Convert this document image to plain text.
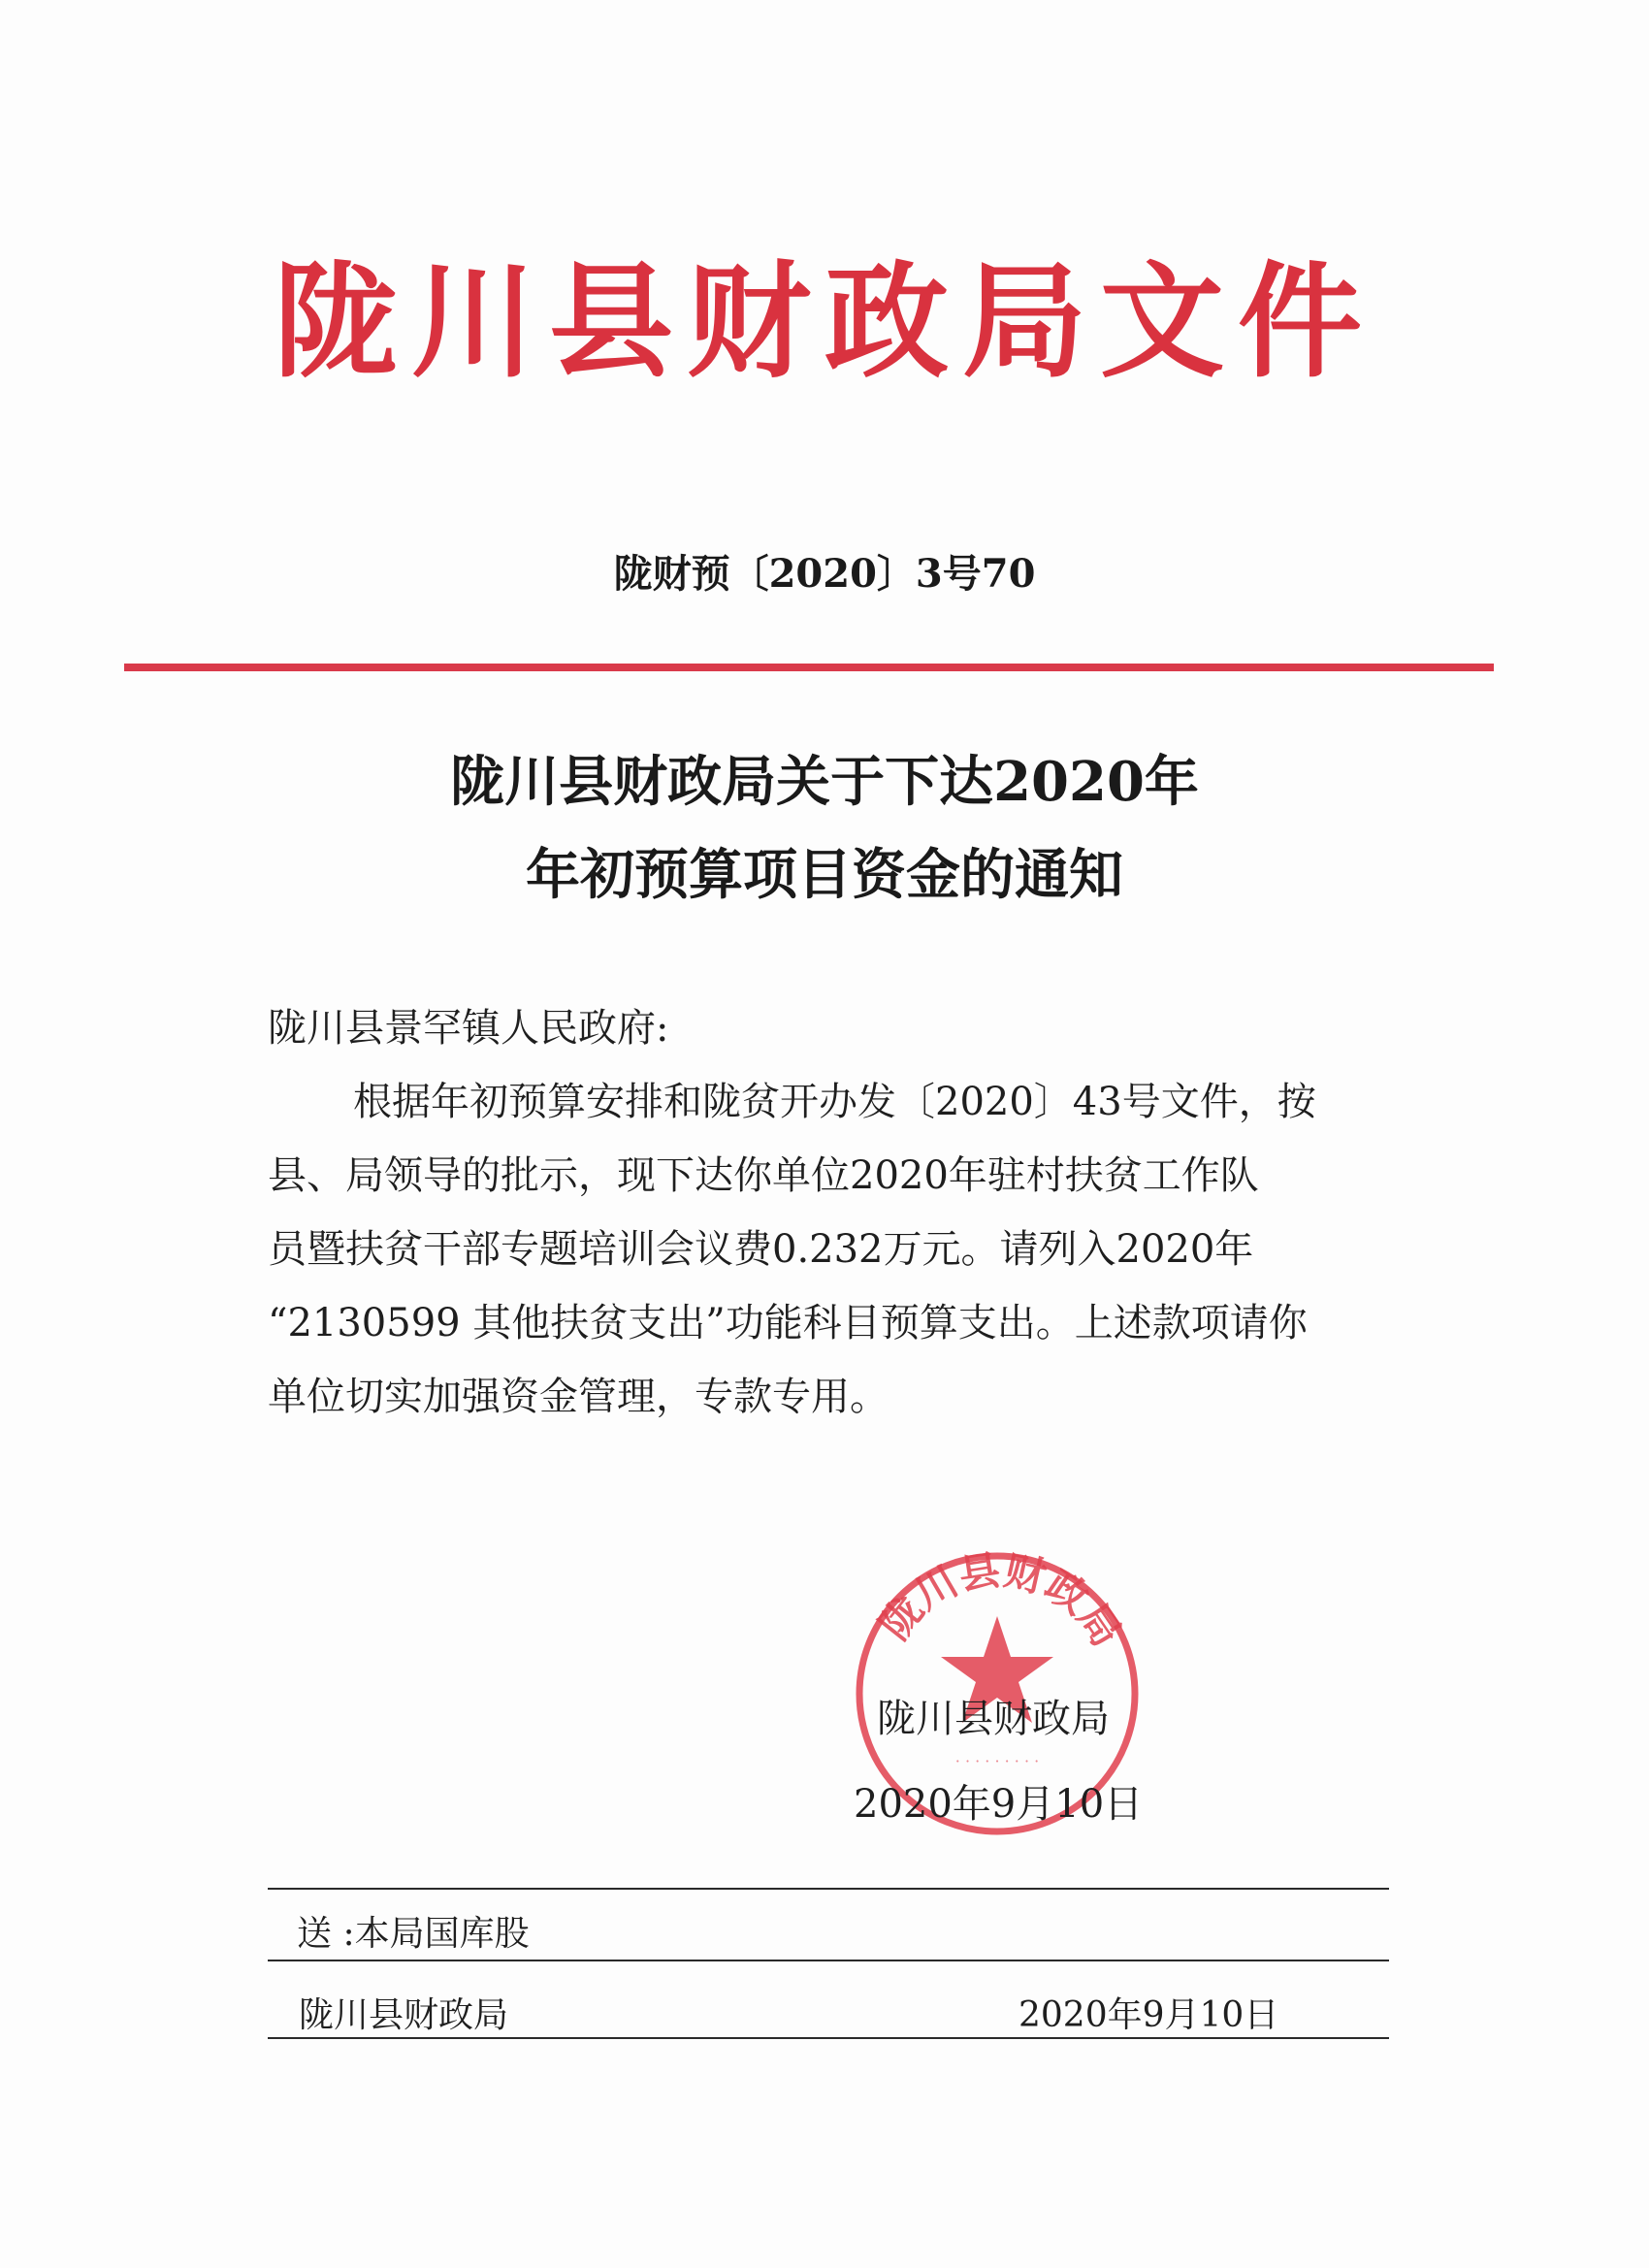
陇川县财政局文件
陇财预〔2020〕3号70
陇川县财政局关于下达2020年
年初预算项目资金的通知
陇川县景罕镇人民政府:
根据年初预算安排和陇贫开办发〔2020〕43号文件，按
县、局领导的批示，现下达你单位2020年驻村扶贫工作队
员暨扶贫干部专题培训会议费0.232万元。请列入2020年
“2130599 其他扶贫支出”功能科目预算支出。上述款项请你
单位切实加强资金管理，专款专用。
陇川县财政局
· · · · · · · · ·
陇川县财政局
2020年9月10日
送 :本局国库股
陇川县财政局	2020年9月10日
